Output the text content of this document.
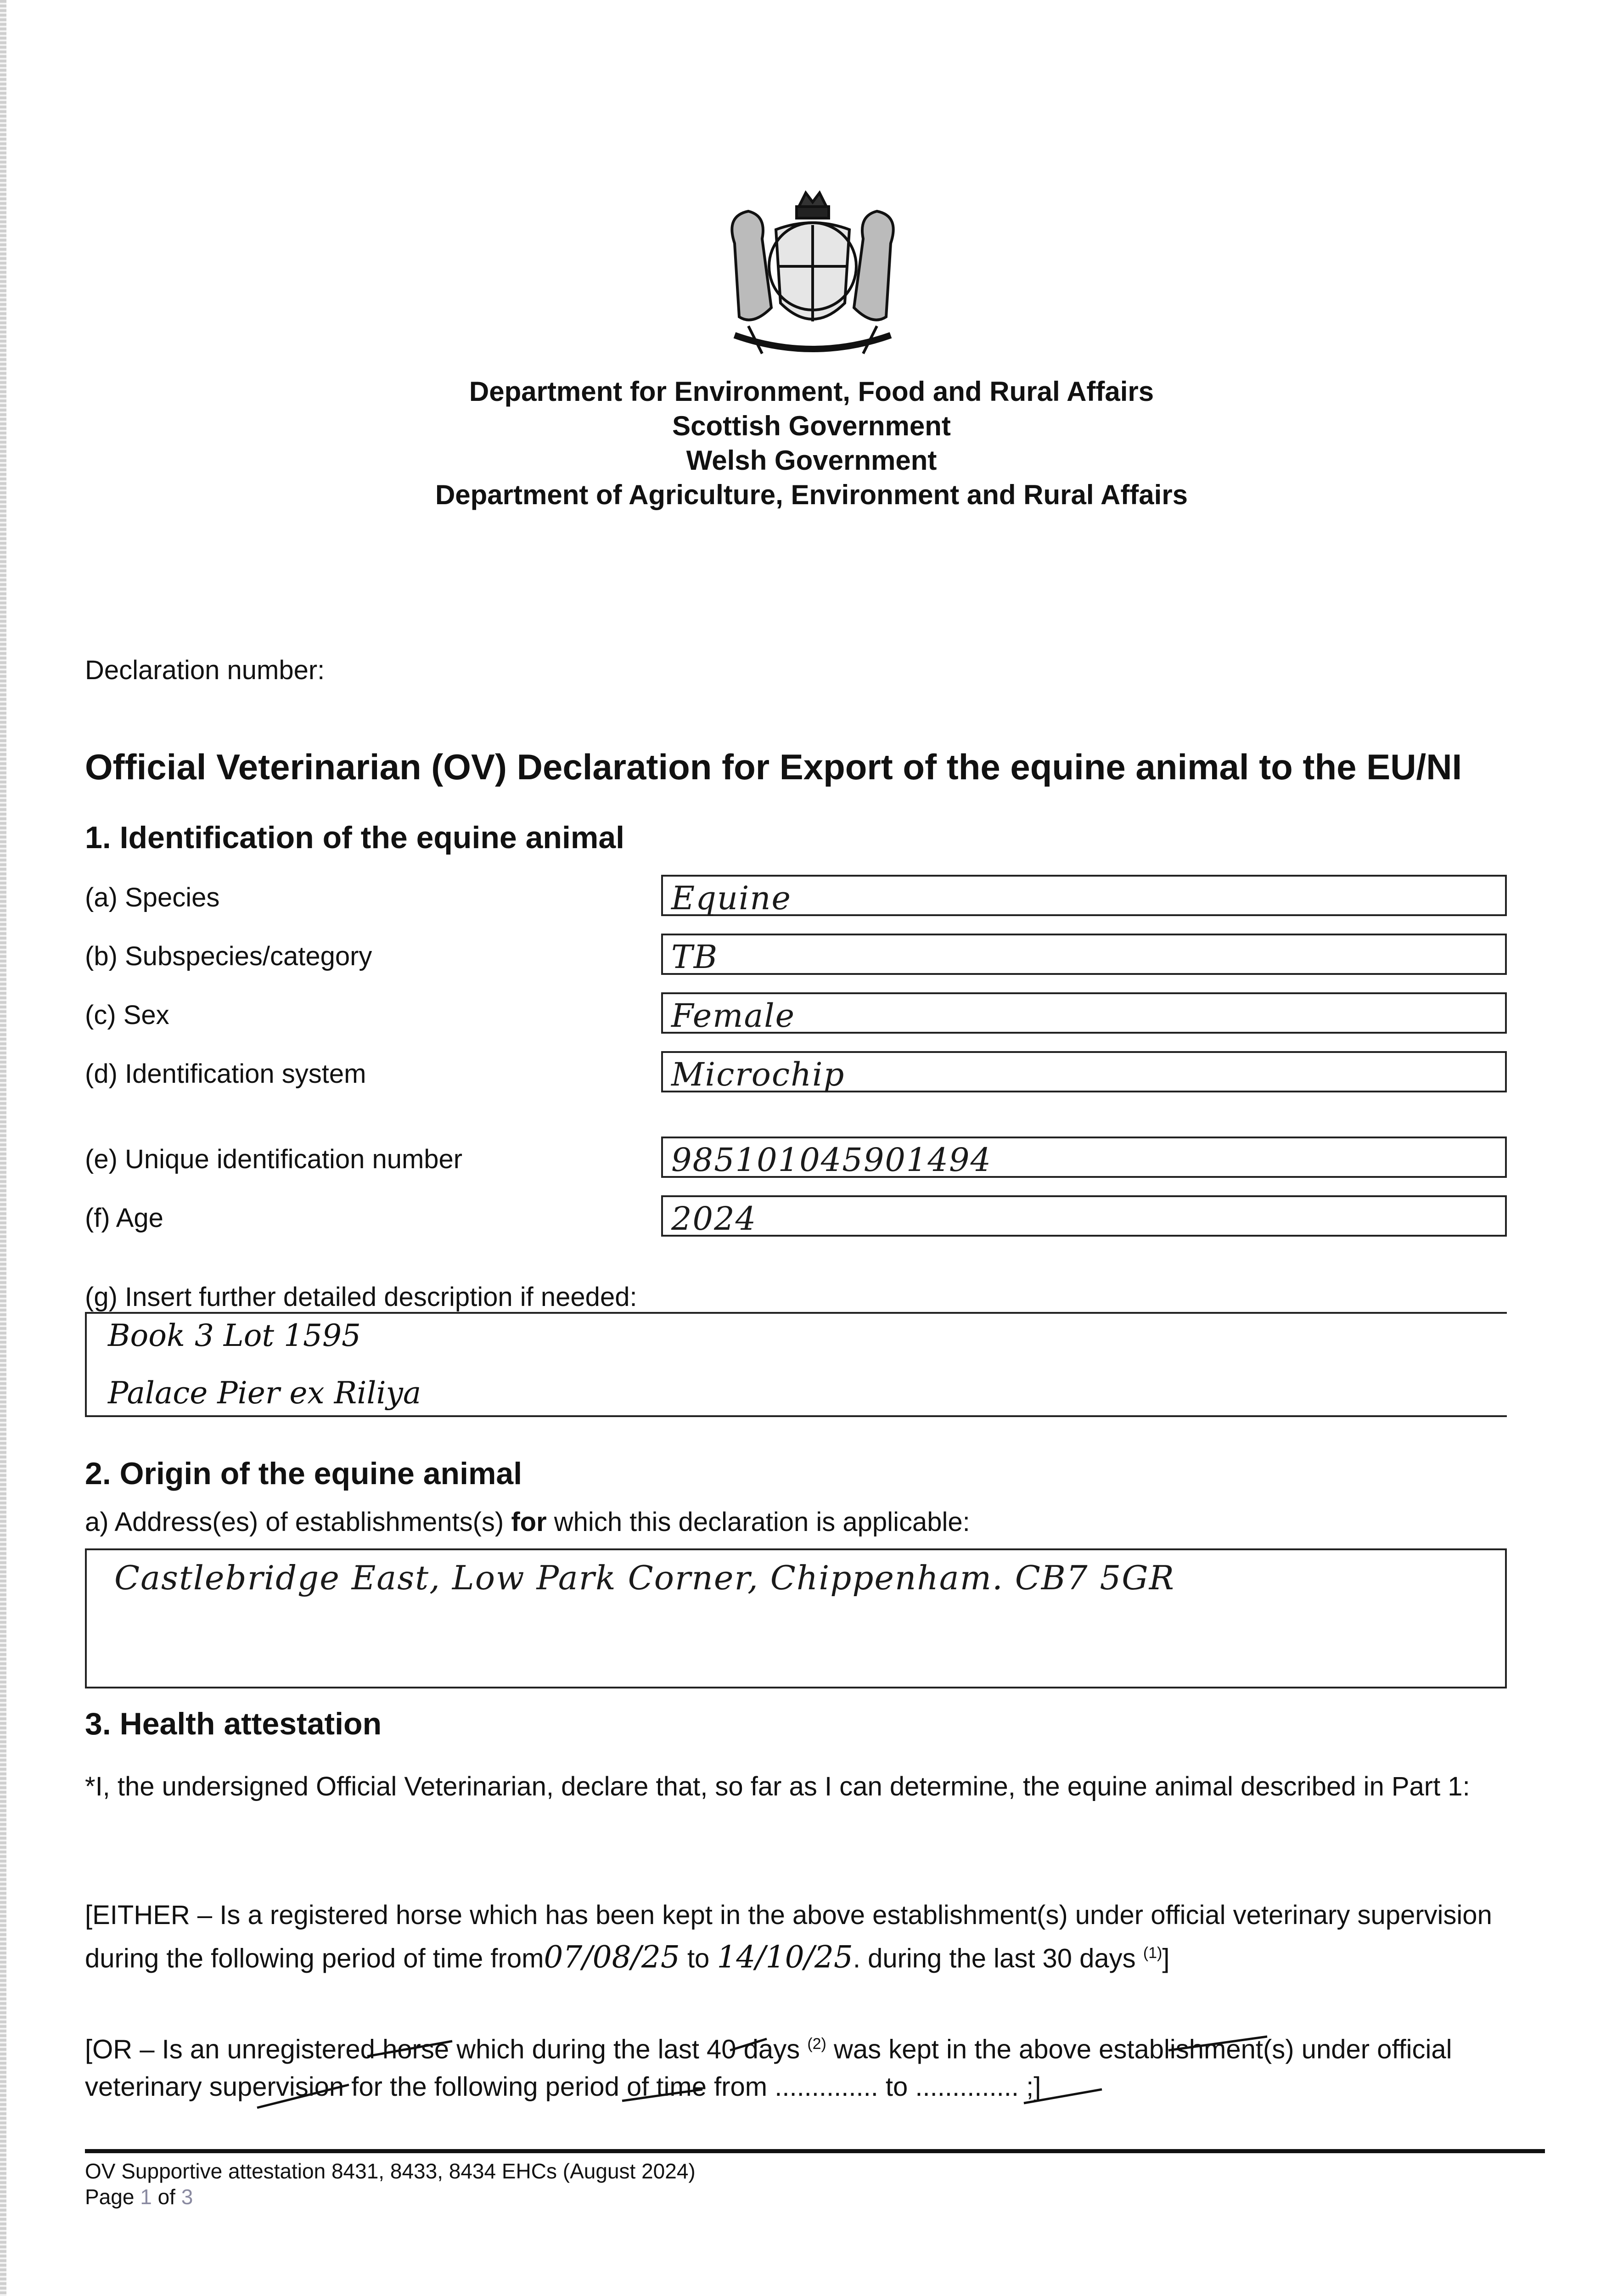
Department for Environment, Food and Rural Affairs
Scottish Government
Welsh Government
Department of Agriculture, Environment and Rural Affairs
Declaration number:
Official Veterinarian (OV) Declaration for Export of the equine animal to the EU/NI
1. Identification of the equine animal
(a) Species	Equine
(b) Subspecies/category	TB
(c) Sex	Female
(d) Identification system	Microchip
(e) Unique identification number	985101045901494
(f) Age	2024
(g) Insert further detailed description if needed:
Book 3 Lot 1595
Palace Pier ex Riliya
2. Origin of the equine animal
a) Address(es) of establishments(s) for which this declaration is applicable:
Castlebridge East, Low Park Corner, Chippenham. CB7 5GR
3. Health attestation
*I, the undersigned Official Veterinarian, declare that, so far as I can determine, the equine animal described in Part 1:
[EITHER – Is a registered horse which has been kept in the above establishment(s) under official veterinary supervision during the following period of time from07/08/25 to 14/10/25. during the last 30 days $^{(1)}$]
[OR – Is an unregistered horse which during the last 40 days $^{(2)}$ was kept in the above establishment(s) under official veterinary supervision for the following period of time from .............. to .............. ;]
OV Supportive attestation 8431, 8433, 8434 EHCs (August 2024)
Page 1 of 3
